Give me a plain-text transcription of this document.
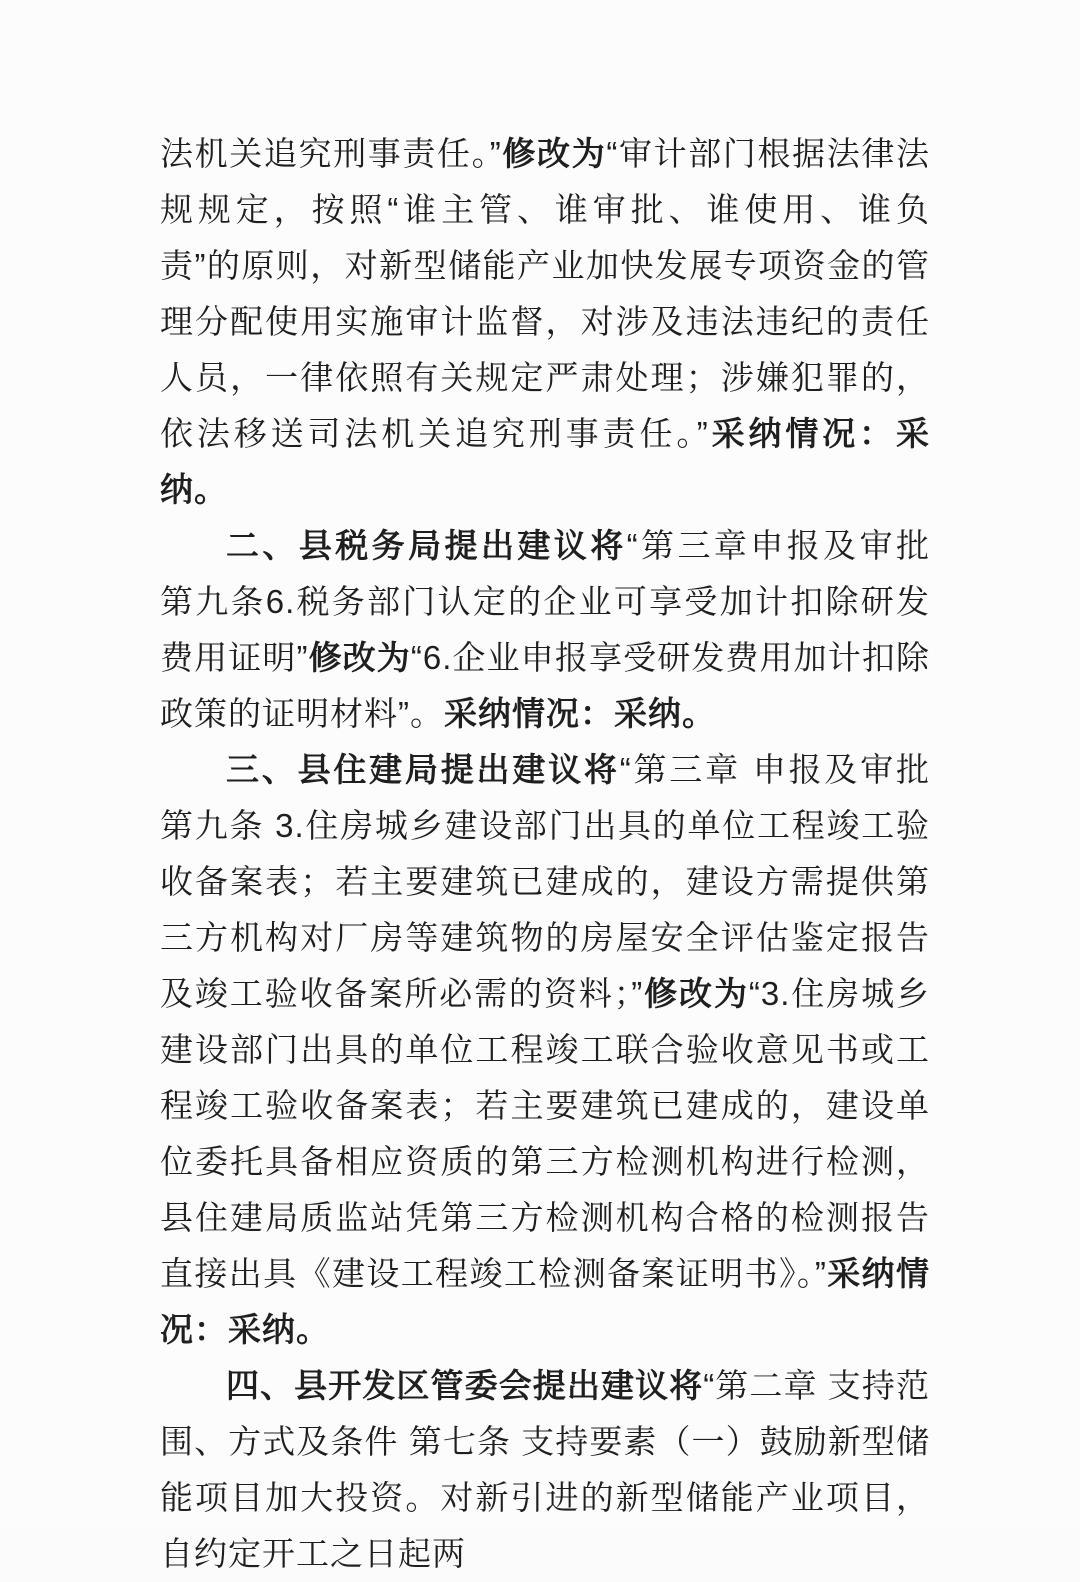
法机关追究刑事责任。”修改为“审计部门根据法律法规规定，按照“谁主管、谁审批、谁使用、谁负责”的原则，对新型储能产业加快发展专项资金的管理分配使用实施审计监督，对涉及违法违纪的责任人员，一律依照有关规定严肃处理；涉嫌犯罪的，依法移送司法机关追究刑事责任。”采纳情况：采纳。

二、县税务局提出建议将“第三章申报及审批　第九条6.税务部门认定的企业可享受加计扣除研发费用证明”修改为“6.企业申报享受研发费用加计扣除政策的证明材料”。采纳情况：采纳。

三、县住建局提出建议将“第三章 申报及审批　第九条 3.住房城乡建设部门出具的单位工程竣工验收备案表；若主要建筑已建成的，建设方需提供第三方机构对厂房等建筑物的房屋安全评估鉴定报告及竣工验收备案所必需的资料；”修改为“3.住房城乡建设部门出具的单位工程竣工联合验收意见书或工程竣工验收备案表；若主要建筑已建成的，建设单位委托具备相应资质的第三方检测机构进行检测，县住建局质监站凭第三方检测机构合格的检测报告直接出具《建设工程竣工检测备案证明书》。”采纳情况：采纳。

四、县开发区管委会提出建议将“第二章 支持范围、方式及条件 第七条 支持要素（一）鼓励新型储能项目加大投资。对新引进的新型储能产业项目，自约定开工之日起两
